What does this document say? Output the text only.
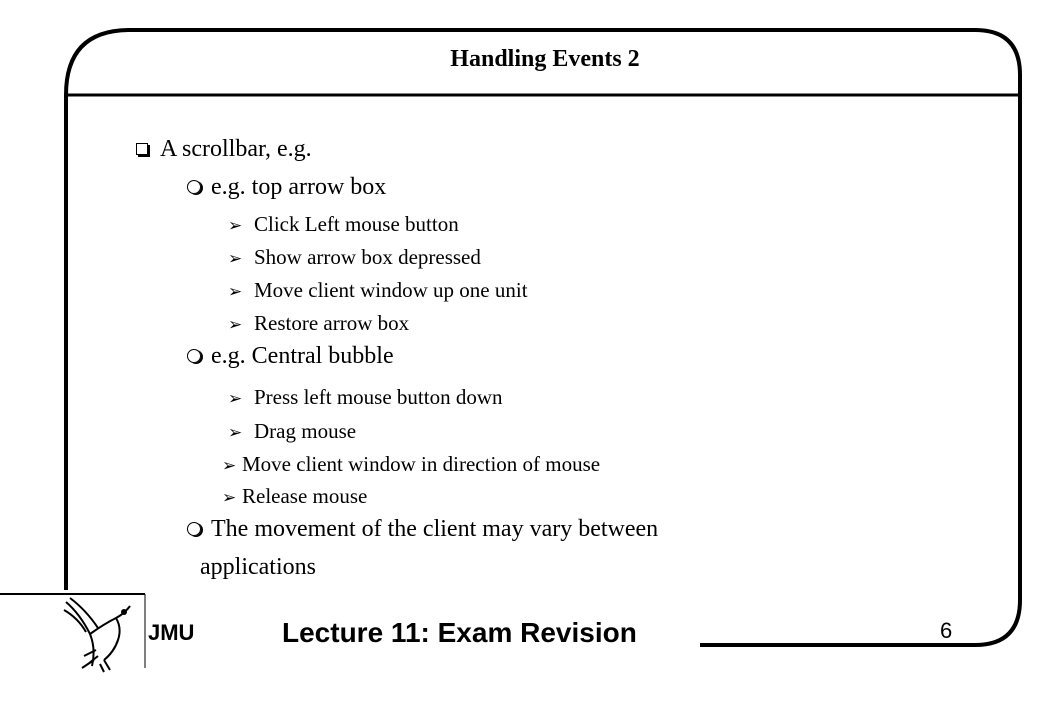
Handling Events 2
A scrollbar, e.g.
e.g. top arrow box
➢ Click Left mouse button
➢ Show arrow box depressed
➢ Move client window up one unit
➢ Restore arrow box
e.g. Central bubble
➢ Press left mouse button down
➢ Drag mouse
➢ Move client window in direction of mouse
➢ Release mouse
The movement of the client may vary between
applications
JMU	Lecture 11: Exam Revision	6
